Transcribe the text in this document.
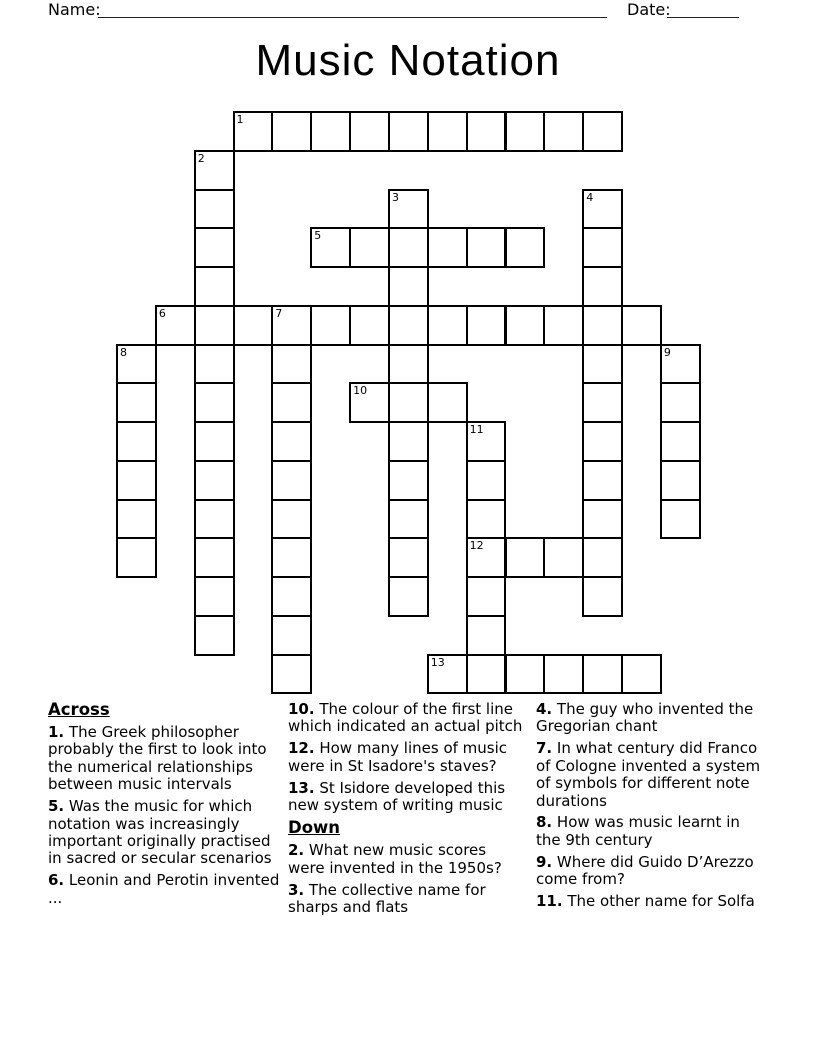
Name:	Date:
Music Notation
1
2
3	4
5
6	7
8	9
10
11
12
13
Across

1. The Greek philosopher probably the first to look into the numerical relationships between music intervals

5. Was the music for which notation was increasingly important originally practised in sacred or secular scenarios

6. Leonin and Perotin invented ...

10. The colour of the first line which indicated an actual pitch

12. How many lines of music were in St Isadore's staves?

13. St Isidore developed this new system of writing music

Down

2. What new music scores were invented in the 1950s?

3. The collective name for sharps and flats

4. The guy who invented the Gregorian chant

7. In what century did Franco of Cologne invented a system of symbols for different note durations

8. How was music learnt in the 9th century

9. Where did Guido D’Arezzo come from?

11. The other name for Solfa
